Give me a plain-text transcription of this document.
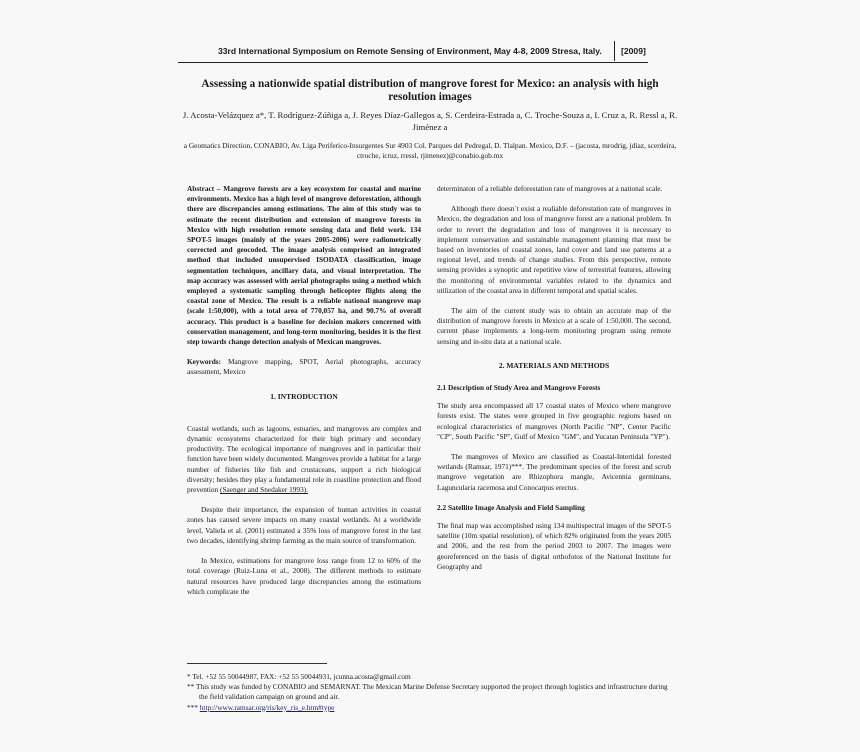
33rd International Symposium on Remote Sensing of Environment, May 4-8, 2009 Stresa, Italy.	[2009]
Assessing a nationwide spatial distribution of mangrove forest for Mexico: an analysis with high resolution images
J. Acosta-Velázquez a*, T. Rodríguez-Zúñiga a, J. Reyes Díaz-Gallegos a, S. Cerdeira-Estrada a, C. Troche-Souza a, I. Cruz a, R. Ressl a, R. Jiménez a
a Geomatics Direction, CONABIO, Av. Liga Periferico-Insurgentes Sur 4903 Col. Parques del Pedregal, D. Tlalpan. Mexico, D.F. – (jacosta, mrodrig, jdiaz, scerdeira, ctroche, icruz, rressl, rjimenez)@conabio.gob.mx

Abstract – Mangrove forests are a key ecosystem for coastal and marine environments. Mexico has a high level of mangrove deforestation, although there are discrepancies among estimations. The aim of this study was to estimate the recent distribution and extension of mangrove forests in Mexico with high resolution remote sensing data and field work. 134 SPOT-5 images (mainly of the years 2005-2006) were radiometrically corrected and geocoded. The image analysis comprised an integrated method that included unsupervised ISODATA classification, image segmentation techniques, ancillary data, and visual interpretation. The map accuracy was assessed with aerial photographs using a method which employed a systematic sampling through helicopter flights along the coastal zone of Mexico. The result is a reliable national mangrove map (scale 1:50,000), with a total area of 770,057 ha, and 90.7% of overall accuracy. This product is a baseline for decision makers concerned with conservation management, and long-term monitoring, besides it is the first step towards change detection analysis of Mexican mangroves.

Keywords: Mangrove mapping, SPOT, Aerial photographs, accuracy assessment, Mexico

1. INTRODUCTION

Coastal wetlands, such as lagoons, estuaries, and mangroves are complex and dynamic ecosystems characterized for their high primary and secondary productivity. The ecological importance of mangroves and in particular their function have been widely documented. Mangroves provide a habitat for a large number of fisheries like fish and crustaceans, support a rich biological diversity; besides they play a fundamental role in coastline protection and flood prevention (Saenger and Snedaker 1993).

Despite their importance, the expansion of human activities in coastal zones has caused severe impacts on many coastal wetlands. At a worldwide level, Valiela et al. (2001) estimated a 35% loss of mangrove forest in the last two decades, identifying shrimp farming as the main source of transformation.

In Mexico, estimations for mangrove loss range from 12 to 60% of the total coverage (Ruiz-Luna et al., 2008). The different methods to estimate natural resources have produced large discrepancies among the estimations which complicate the

determinaton of a reliable deforestation rate of mangroves at a national scale.

Although there doesn´t exist a realiable deforestation rate of mangroves in Mexico, the degradation and loss of mangrove forest are a national problem. In order to revert the degradation and loss of mangroves it is necessary to implement conservation and sustainable management planning that must be based on inventories of coastal zones, land cover and land use patterns at a regional level, and trends of change studies. From this perspective, remote sensing provides a synoptic and repetitive view of terrestrial features, allowing the monitoring of environmental variables related to the dynamics and utilization of the coastal area in different temporal and spatial scales.

The aim of the current study was to obtain an accurate map of the distribution of mangrove forests in Mexico at a scale of 1:50,000. The second, current phase implements a long-term monitoring program using remote sensing and in-situ data at a national scale.

2. MATERIALS AND METHODS

2.1 Description of Study Area and Mangrove Forests

The study area encompassed all 17 coastal states of Mexico where mangrove forests exist. The states were grouped in five geographic regions based on ecological characteristics of mangroves (North Pacific "NP", Center Pacific "CP", South Pacific "SP", Gulf of Mexico "GM", and Yucatan Peninsula "YP").

The mangroves of Mexico are classified as Coastal-Intertidal forested wetlands (Ramsar, 1971)***. The predominant species of the forest and scrub mangrove vegetation are Rhizophora mangle, Avicennia germinans, Laguncularia racemosa and Conocarpus erectus.

2.2 Satellite Image Analysis and Field Sampling

The final map was accomplished using 134 multispectral images of the SPOT-5 satellite (10m spatial resolution), of which 82% originated from the years 2005 and 2006, and the rest from the period 2003 to 2007. The images were georeferenced on the basis of digital orthofotos of the National Institute for Geography and

* Tel. +52 55 50044987, FAX: +52 55 50044931, jcunna.acosta@gmail.com
** This study was funded by CONABIO and SEMARNAT. The Mexican Marine Defense Secretary supported the project through logistics and infrastructure during the field validation campaign on ground and air.
*** http://www.ramsar.org/ris/key_ris_e.htm#type
